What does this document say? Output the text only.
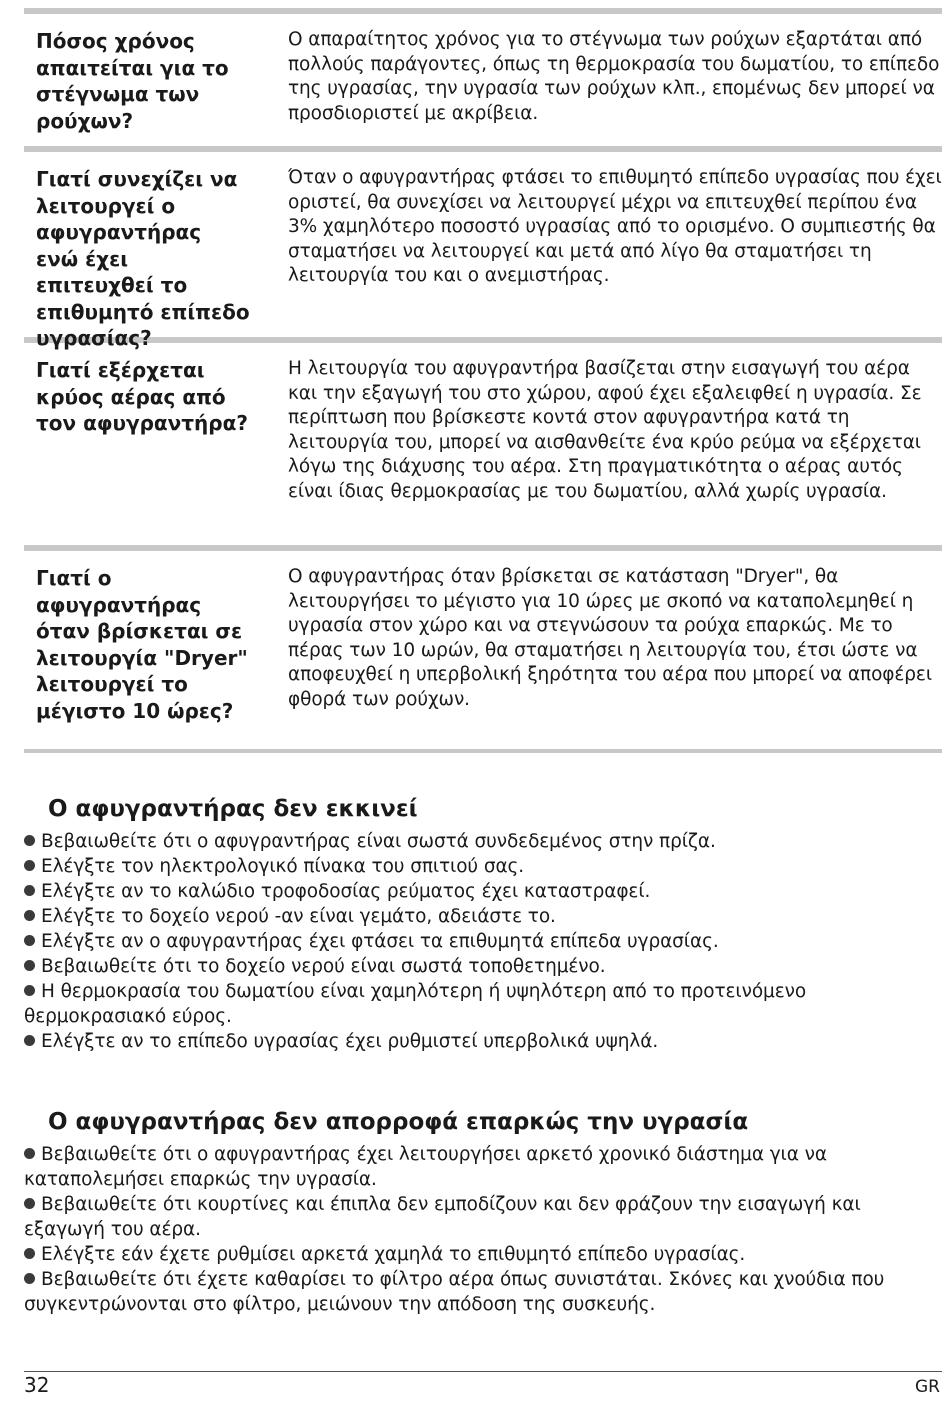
Πόσος χρόνος απαιτείται για το στέγνωμα των ρούχων?
Ο απαραίτητος χρόνος για το στέγνωμα των ρούχων εξαρτάται από πολλούς παράγοντες, όπως τη θερμοκρασία του δωματίου, το επίπεδο της υγρασίας, την υγρασία των ρούχων κλπ., επομένως δεν μπορεί να προσδιοριστεί με ακρίβεια.
Γιατί συνεχίζει να λειτουργεί ο αφυγραντήρας ενώ έχει επιτευχθεί το επιθυμητό επίπεδο υγρασίας?
Όταν ο αφυγραντήρας φτάσει το επιθυμητό επίπεδο υγρασίας που έχει οριστεί, θα συνεχίσει να λειτουργεί μέχρι να επιτευχθεί περίπου ένα 3% χαμηλότερο ποσοστό υγρασίας από το ορισμένο. Ο συμπιεστής θα σταματήσει να λειτουργεί και μετά από λίγο θα σταματήσει τη λειτουργία του και ο ανεμιστήρας.
Γιατί εξέρχεται κρύος αέρας από τον αφυγραντήρα?
Η λειτουργία του αφυγραντήρα βασίζεται στην εισαγωγή του αέρα και την εξαγωγή του στο χώρου, αφού έχει εξαλειφθεί η υγρασία. Σε περίπτωση που βρίσκεστε κοντά στον αφυγραντήρα κατά τη λειτουργία του, μπορεί να αισθανθείτε ένα κρύο ρεύμα να εξέρχεται λόγω της διάχυσης του αέρα. Στη πραγματικότητα ο αέρας αυτός είναι ίδιας θερμοκρασίας με του δωματίου, αλλά χωρίς υγρασία.
Γιατί ο αφυγραντήρας όταν βρίσκεται σε λειτουργία "Dryer" λειτουργεί το μέγιστο 10 ώρες?
Ο αφυγραντήρας όταν βρίσκεται σε κατάσταση "Dryer", θα λειτουργήσει το μέγιστο για 10 ώρες με σκοπό να καταπολεμηθεί η υγρασία στον χώρο και να στεγνώσουν τα ρούχα επαρκώς. Με το πέρας των 10 ωρών, θα σταματήσει η λειτουργία του, έτσι ώστε να αποφευχθεί η υπερβολική ξηρότητα του αέρα που μπορεί να αποφέρει φθορά των ρούχων.
Ο αφυγραντήρας δεν εκκινεί
Βεβαιωθείτε ότι ο αφυγραντήρας είναι σωστά συνδεδεμένος στην πρίζα.
Ελέγξτε τον ηλεκτρολογικό πίνακα του σπιτιού σας.
Ελέγξτε αν το καλώδιο τροφοδοσίας ρεύματος έχει καταστραφεί.
Ελέγξτε το δοχείο νερού -αν είναι γεμάτο, αδειάστε το.
Ελέγξτε αν ο αφυγραντήρας έχει φτάσει τα επιθυμητά επίπεδα υγρασίας.
Βεβαιωθείτε ότι το δοχείο νερού είναι σωστά τοποθετημένο.
Η θερμοκρασία του δωματίου είναι χαμηλότερη ή υψηλότερη από το προτεινόμενο θερμοκρασιακό εύρος.
Ελέγξτε αν το επίπεδο υγρασίας έχει ρυθμιστεί υπερβολικά υψηλά.
Ο αφυγραντήρας δεν απορροφά επαρκώς την υγρασία
Βεβαιωθείτε ότι ο αφυγραντήρας έχει λειτουργήσει αρκετό χρονικό διάστημα για να καταπολεμήσει επαρκώς την υγρασία.
Βεβαιωθείτε ότι κουρτίνες και έπιπλα δεν εμποδίζουν και δεν φράζουν την εισαγωγή και εξαγωγή του αέρα.
Ελέγξτε εάν έχετε ρυθμίσει αρκετά χαμηλά το επιθυμητό επίπεδο υγρασίας.
Βεβαιωθείτε ότι έχετε καθαρίσει το φίλτρο αέρα όπως συνιστάται. Σκόνες και χνούδια που συγκεντρώνονται στο φίλτρο, μειώνουν την απόδοση της συσκευής.
32	GR
